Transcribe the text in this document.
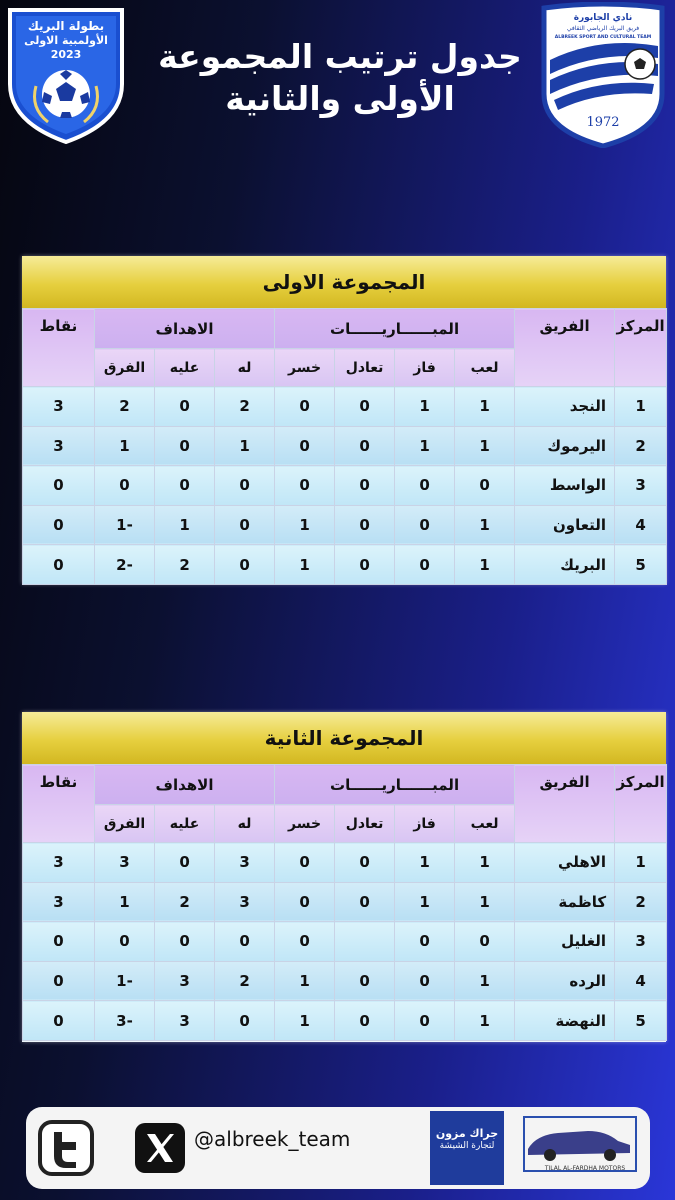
بطولة البريك
الأولمبية الاولى
2023 جدول ترتيب المجموعة
الأولى والثانية
نادي الجابورة
فريق البريك الرياضي الثقافي
ALBREEK SPORT AND CULTURAL TEAM
1972
المجموعة الاولى
المركز	الفريق	المبــــــاريــــــات				الاهداف			نقاط
		لعب	فاز	تعادل	خسر	له	عليه	الفرق	
1	النجد	1	1	0	0	2	0	2	3
2	اليرموك	1	1	0	0	1	0	1	3
3	الواسط	0	0	0	0	0	0	0	0
4	التعاون	1	0	0	1	0	1	-1	0
5	البريك	1	0	0	1	0	2	-2	0
المجموعة الثانية
المركز	الفريق	المبــــــاريــــــات				الاهداف			نقاط
		لعب	فاز	تعادل	خسر	له	عليه	الفرق	
1	الاهلي	1	1	0	0	3	0	3	3
2	كاظمة	1	1	0	0	3	2	1	3
3	الغليل	0	0		0	0	0	0	0
4	الرده	1	0	0	1	2	3	-1	0
5	النهضة	1	0	0	1	0	3	-3	0
@albreek_team	جراك مزون
لتجارة الشيشة
TILAL AL-FARDHA MOTORS
